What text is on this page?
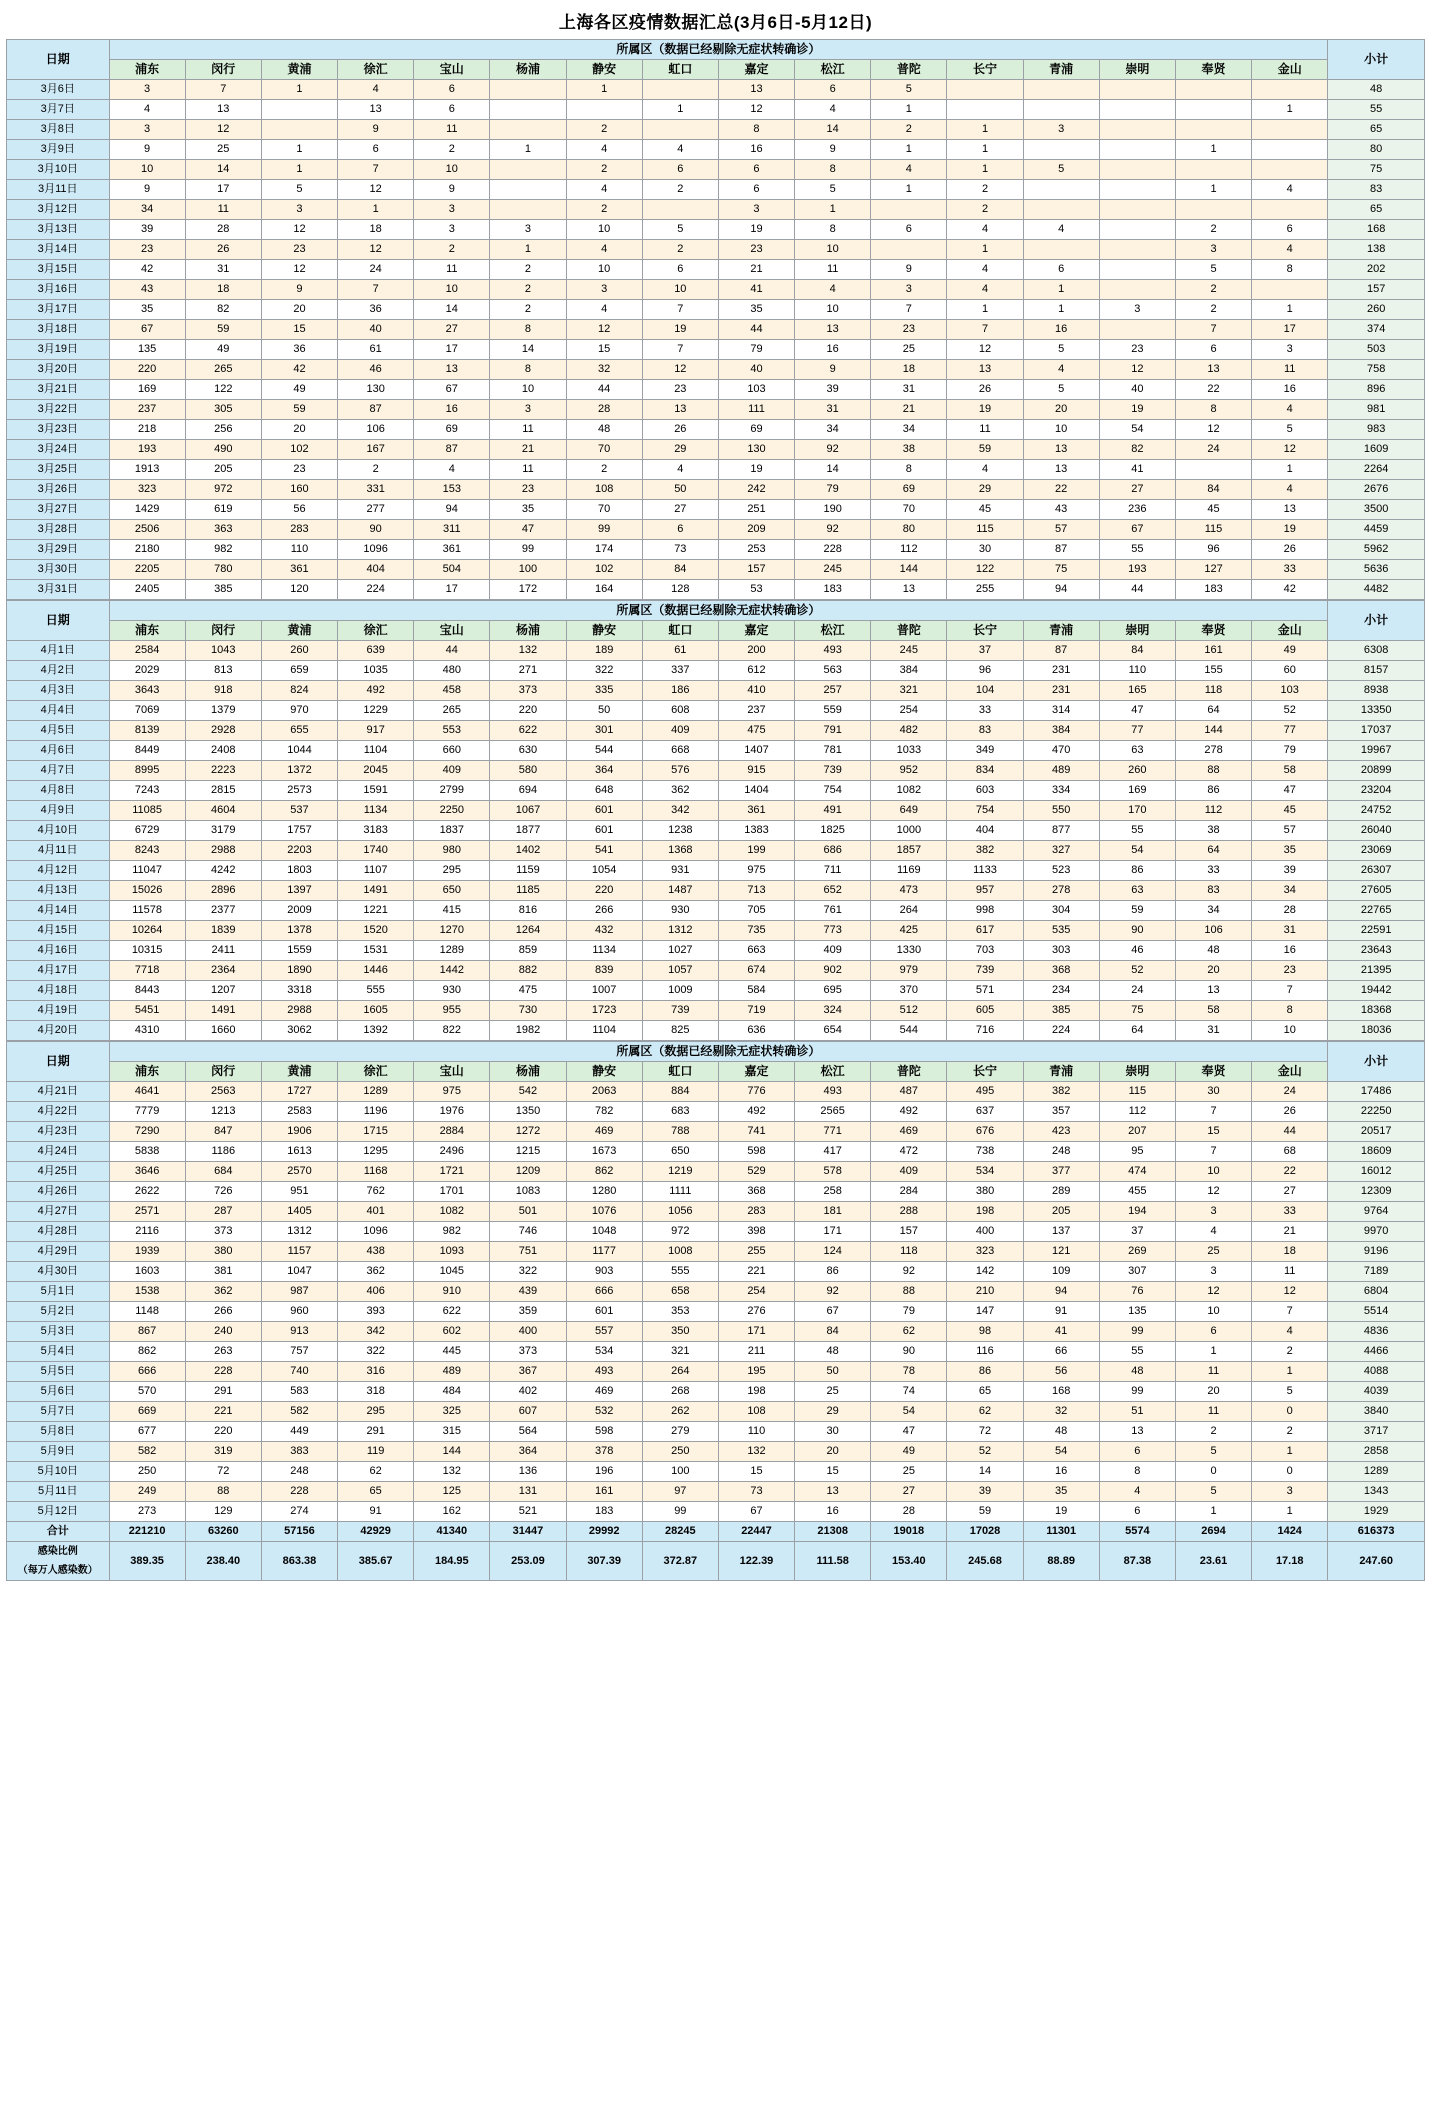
上海各区疫情数据汇总(3月6日-5月12日)
日期	所属区（数据已经剔除无症状转确诊）																小计
	浦东	闵行	黄浦	徐汇	宝山	杨浦	静安	虹口	嘉定	松江	普陀	长宁	青浦	崇明	奉贤	金山	
3月6日	3	7	1	4	6		1		13	6	5						48
3月7日	4	13		13	6			1	12	4	1					1	55
3月8日	3	12		9	11		2		8	14	2	1	3				65
3月9日	9	25	1	6	2	1	4	4	16	9	1	1			1		80
3月10日	10	14	1	7	10		2	6	6	8	4	1	5				75
3月11日	9	17	5	12	9		4	2	6	5	1	2			1	4	83
3月12日	34	11	3	1	3		2		3	1		2					65
3月13日	39	28	12	18	3	3	10	5	19	8	6	4	4		2	6	168
3月14日	23	26	23	12	2	1	4	2	23	10		1			3	4	138
3月15日	42	31	12	24	11	2	10	6	21	11	9	4	6		5	8	202
3月16日	43	18	9	7	10	2	3	10	41	4	3	4	1		2		157
3月17日	35	82	20	36	14	2	4	7	35	10	7	1	1	3	2	1	260
3月18日	67	59	15	40	27	8	12	19	44	13	23	7	16		7	17	374
3月19日	135	49	36	61	17	14	15	7	79	16	25	12	5	23	6	3	503
3月20日	220	265	42	46	13	8	32	12	40	9	18	13	4	12	13	11	758
3月21日	169	122	49	130	67	10	44	23	103	39	31	26	5	40	22	16	896
3月22日	237	305	59	87	16	3	28	13	111	31	21	19	20	19	8	4	981
3月23日	218	256	20	106	69	11	48	26	69	34	34	11	10	54	12	5	983
3月24日	193	490	102	167	87	21	70	29	130	92	38	59	13	82	24	12	1609
3月25日	1913	205	23	2	4	11	2	4	19	14	8	4	13	41		1	2264
3月26日	323	972	160	331	153	23	108	50	242	79	69	29	22	27	84	4	2676
3月27日	1429	619	56	277	94	35	70	27	251	190	70	45	43	236	45	13	3500
3月28日	2506	363	283	90	311	47	99	6	209	92	80	115	57	67	115	19	4459
3月29日	2180	982	110	1096	361	99	174	73	253	228	112	30	87	55	96	26	5962
3月30日	2205	780	361	404	504	100	102	84	157	245	144	122	75	193	127	33	5636
3月31日	2405	385	120	224	17	172	164	128	53	183	13	255	94	44	183	42	4482
日期	所属区（数据已经剔除无症状转确诊）																小计
	浦东	闵行	黄浦	徐汇	宝山	杨浦	静安	虹口	嘉定	松江	普陀	长宁	青浦	崇明	奉贤	金山	
4月1日	2584	1043	260	639	44	132	189	61	200	493	245	37	87	84	161	49	6308
4月2日	2029	813	659	1035	480	271	322	337	612	563	384	96	231	110	155	60	8157
4月3日	3643	918	824	492	458	373	335	186	410	257	321	104	231	165	118	103	8938
4月4日	7069	1379	970	1229	265	220	50	608	237	559	254	33	314	47	64	52	13350
4月5日	8139	2928	655	917	553	622	301	409	475	791	482	83	384	77	144	77	17037
4月6日	8449	2408	1044	1104	660	630	544	668	1407	781	1033	349	470	63	278	79	19967
4月7日	8995	2223	1372	2045	409	580	364	576	915	739	952	834	489	260	88	58	20899
4月8日	7243	2815	2573	1591	2799	694	648	362	1404	754	1082	603	334	169	86	47	23204
4月9日	11085	4604	537	1134	2250	1067	601	342	361	491	649	754	550	170	112	45	24752
4月10日	6729	3179	1757	3183	1837	1877	601	1238	1383	1825	1000	404	877	55	38	57	26040
4月11日	8243	2988	2203	1740	980	1402	541	1368	199	686	1857	382	327	54	64	35	23069
4月12日	11047	4242	1803	1107	295	1159	1054	931	975	711	1169	1133	523	86	33	39	26307
4月13日	15026	2896	1397	1491	650	1185	220	1487	713	652	473	957	278	63	83	34	27605
4月14日	11578	2377	2009	1221	415	816	266	930	705	761	264	998	304	59	34	28	22765
4月15日	10264	1839	1378	1520	1270	1264	432	1312	735	773	425	617	535	90	106	31	22591
4月16日	10315	2411	1559	1531	1289	859	1134	1027	663	409	1330	703	303	46	48	16	23643
4月17日	7718	2364	1890	1446	1442	882	839	1057	674	902	979	739	368	52	20	23	21395
4月18日	8443	1207	3318	555	930	475	1007	1009	584	695	370	571	234	24	13	7	19442
4月19日	5451	1491	2988	1605	955	730	1723	739	719	324	512	605	385	75	58	8	18368
4月20日	4310	1660	3062	1392	822	1982	1104	825	636	654	544	716	224	64	31	10	18036
日期	所属区（数据已经剔除无症状转确诊）																小计
	浦东	闵行	黄浦	徐汇	宝山	杨浦	静安	虹口	嘉定	松江	普陀	长宁	青浦	崇明	奉贤	金山	
4月21日	4641	2563	1727	1289	975	542	2063	884	776	493	487	495	382	115	30	24	17486
4月22日	7779	1213	2583	1196	1976	1350	782	683	492	2565	492	637	357	112	7	26	22250
4月23日	7290	847	1906	1715	2884	1272	469	788	741	771	469	676	423	207	15	44	20517
4月24日	5838	1186	1613	1295	2496	1215	1673	650	598	417	472	738	248	95	7	68	18609
4月25日	3646	684	2570	1168	1721	1209	862	1219	529	578	409	534	377	474	10	22	16012
4月26日	2622	726	951	762	1701	1083	1280	1111	368	258	284	380	289	455	12	27	12309
4月27日	2571	287	1405	401	1082	501	1076	1056	283	181	288	198	205	194	3	33	9764
4月28日	2116	373	1312	1096	982	746	1048	972	398	171	157	400	137	37	4	21	9970
4月29日	1939	380	1157	438	1093	751	1177	1008	255	124	118	323	121	269	25	18	9196
4月30日	1603	381	1047	362	1045	322	903	555	221	86	92	142	109	307	3	11	7189
5月1日	1538	362	987	406	910	439	666	658	254	92	88	210	94	76	12	12	6804
5月2日	1148	266	960	393	622	359	601	353	276	67	79	147	91	135	10	7	5514
5月3日	867	240	913	342	602	400	557	350	171	84	62	98	41	99	6	4	4836
5月4日	862	263	757	322	445	373	534	321	211	48	90	116	66	55	1	2	4466
5月5日	666	228	740	316	489	367	493	264	195	50	78	86	56	48	11	1	4088
5月6日	570	291	583	318	484	402	469	268	198	25	74	65	168	99	20	5	4039
5月7日	669	221	582	295	325	607	532	262	108	29	54	62	32	51	11	0	3840
5月8日	677	220	449	291	315	564	598	279	110	30	47	72	48	13	2	2	3717
5月9日	582	319	383	119	144	364	378	250	132	20	49	52	54	6	5	1	2858
5月10日	250	72	248	62	132	136	196	100	15	15	25	14	16	8	0	0	1289
5月11日	249	88	228	65	125	131	161	97	73	13	27	39	35	4	5	3	1343
5月12日	273	129	274	91	162	521	183	99	67	16	28	59	19	6	1	1	1929
合计	221210	63260	57156	42929	41340	31447	29992	28245	22447	21308	19018	17028	11301	5574	2694	1424	616373

感染比例
（每万人感染数）	389.35	238.40	863.38	385.67	184.95	253.09	307.39	372.87	122.39	111.58	153.40	245.68	88.89	87.38	23.61	17.18	247.60
